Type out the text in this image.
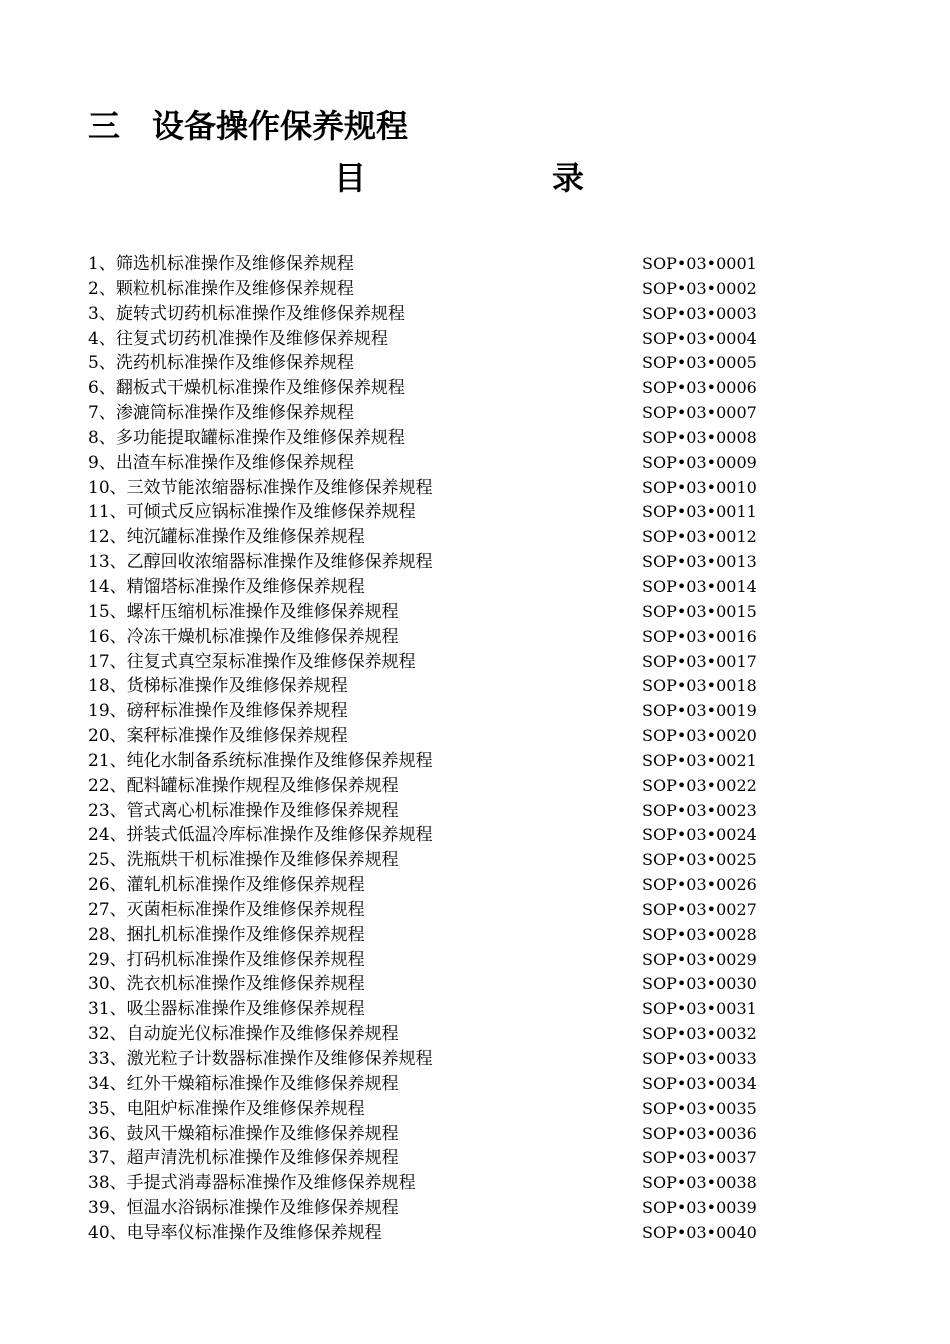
三　设备操作保养规程
目	录
1、筛选机标准操作及维修保养规程	SOP•03•0001
2、颗粒机标准操作及维修保养规程	SOP•03•0002
3、旋转式切药机标准操作及维修保养规程	SOP•03•0003
4、往复式切药机准操作及维修保养规程	SOP•03•0004
5、洗药机标准操作及维修保养规程	SOP•03•0005
6、翻板式干燥机标准操作及维修保养规程	SOP•03•0006
7、渗漉筒标准操作及维修保养规程	SOP•03•0007
8、多功能提取罐标准操作及维修保养规程	SOP•03•0008
9、出渣车标准操作及维修保养规程	SOP•03•0009
10、三效节能浓缩器标准操作及维修保养规程	SOP•03•0010
11、可倾式反应锅标准操作及维修保养规程	SOP•03•0011
12、纯沉罐标准操作及维修保养规程	SOP•03•0012
13、乙醇回收浓缩器标准操作及维修保养规程	SOP•03•0013
14、精馏塔标准操作及维修保养规程	SOP•03•0014
15、螺杆压缩机标准操作及维修保养规程	SOP•03•0015
16、冷冻干燥机标准操作及维修保养规程	SOP•03•0016
17、往复式真空泵标准操作及维修保养规程	SOP•03•0017
18、货梯标准操作及维修保养规程	SOP•03•0018
19、磅秤标准操作及维修保养规程	SOP•03•0019
20、案秤标准操作及维修保养规程	SOP•03•0020
21、纯化水制备系统标准操作及维修保养规程	SOP•03•0021
22、配料罐标准操作规程及维修保养规程	SOP•03•0022
23、管式离心机标准操作及维修保养规程	SOP•03•0023
24、拼装式低温冷库标准操作及维修保养规程	SOP•03•0024
25、洗瓶烘干机标准操作及维修保养规程	SOP•03•0025
26、灌轧机标准操作及维修保养规程	SOP•03•0026
27、灭菌柜标准操作及维修保养规程	SOP•03•0027
28、捆扎机标准操作及维修保养规程	SOP•03•0028
29、打码机标准操作及维修保养规程	SOP•03•0029
30、洗衣机标准操作及维修保养规程	SOP•03•0030
31、吸尘器标准操作及维修保养规程	SOP•03•0031
32、自动旋光仪标准操作及维修保养规程	SOP•03•0032
33、激光粒子计数器标准操作及维修保养规程	SOP•03•0033
34、红外干燥箱标准操作及维修保养规程	SOP•03•0034
35、电阻炉标准操作及维修保养规程	SOP•03•0035
36、鼓风干燥箱标准操作及维修保养规程	SOP•03•0036
37、超声清洗机标准操作及维修保养规程	SOP•03•0037
38、手提式消毒器标准操作及维修保养规程	SOP•03•0038
39、恒温水浴锅标准操作及维修保养规程	SOP•03•0039
40、电导率仪标准操作及维修保养规程	SOP•03•0040
